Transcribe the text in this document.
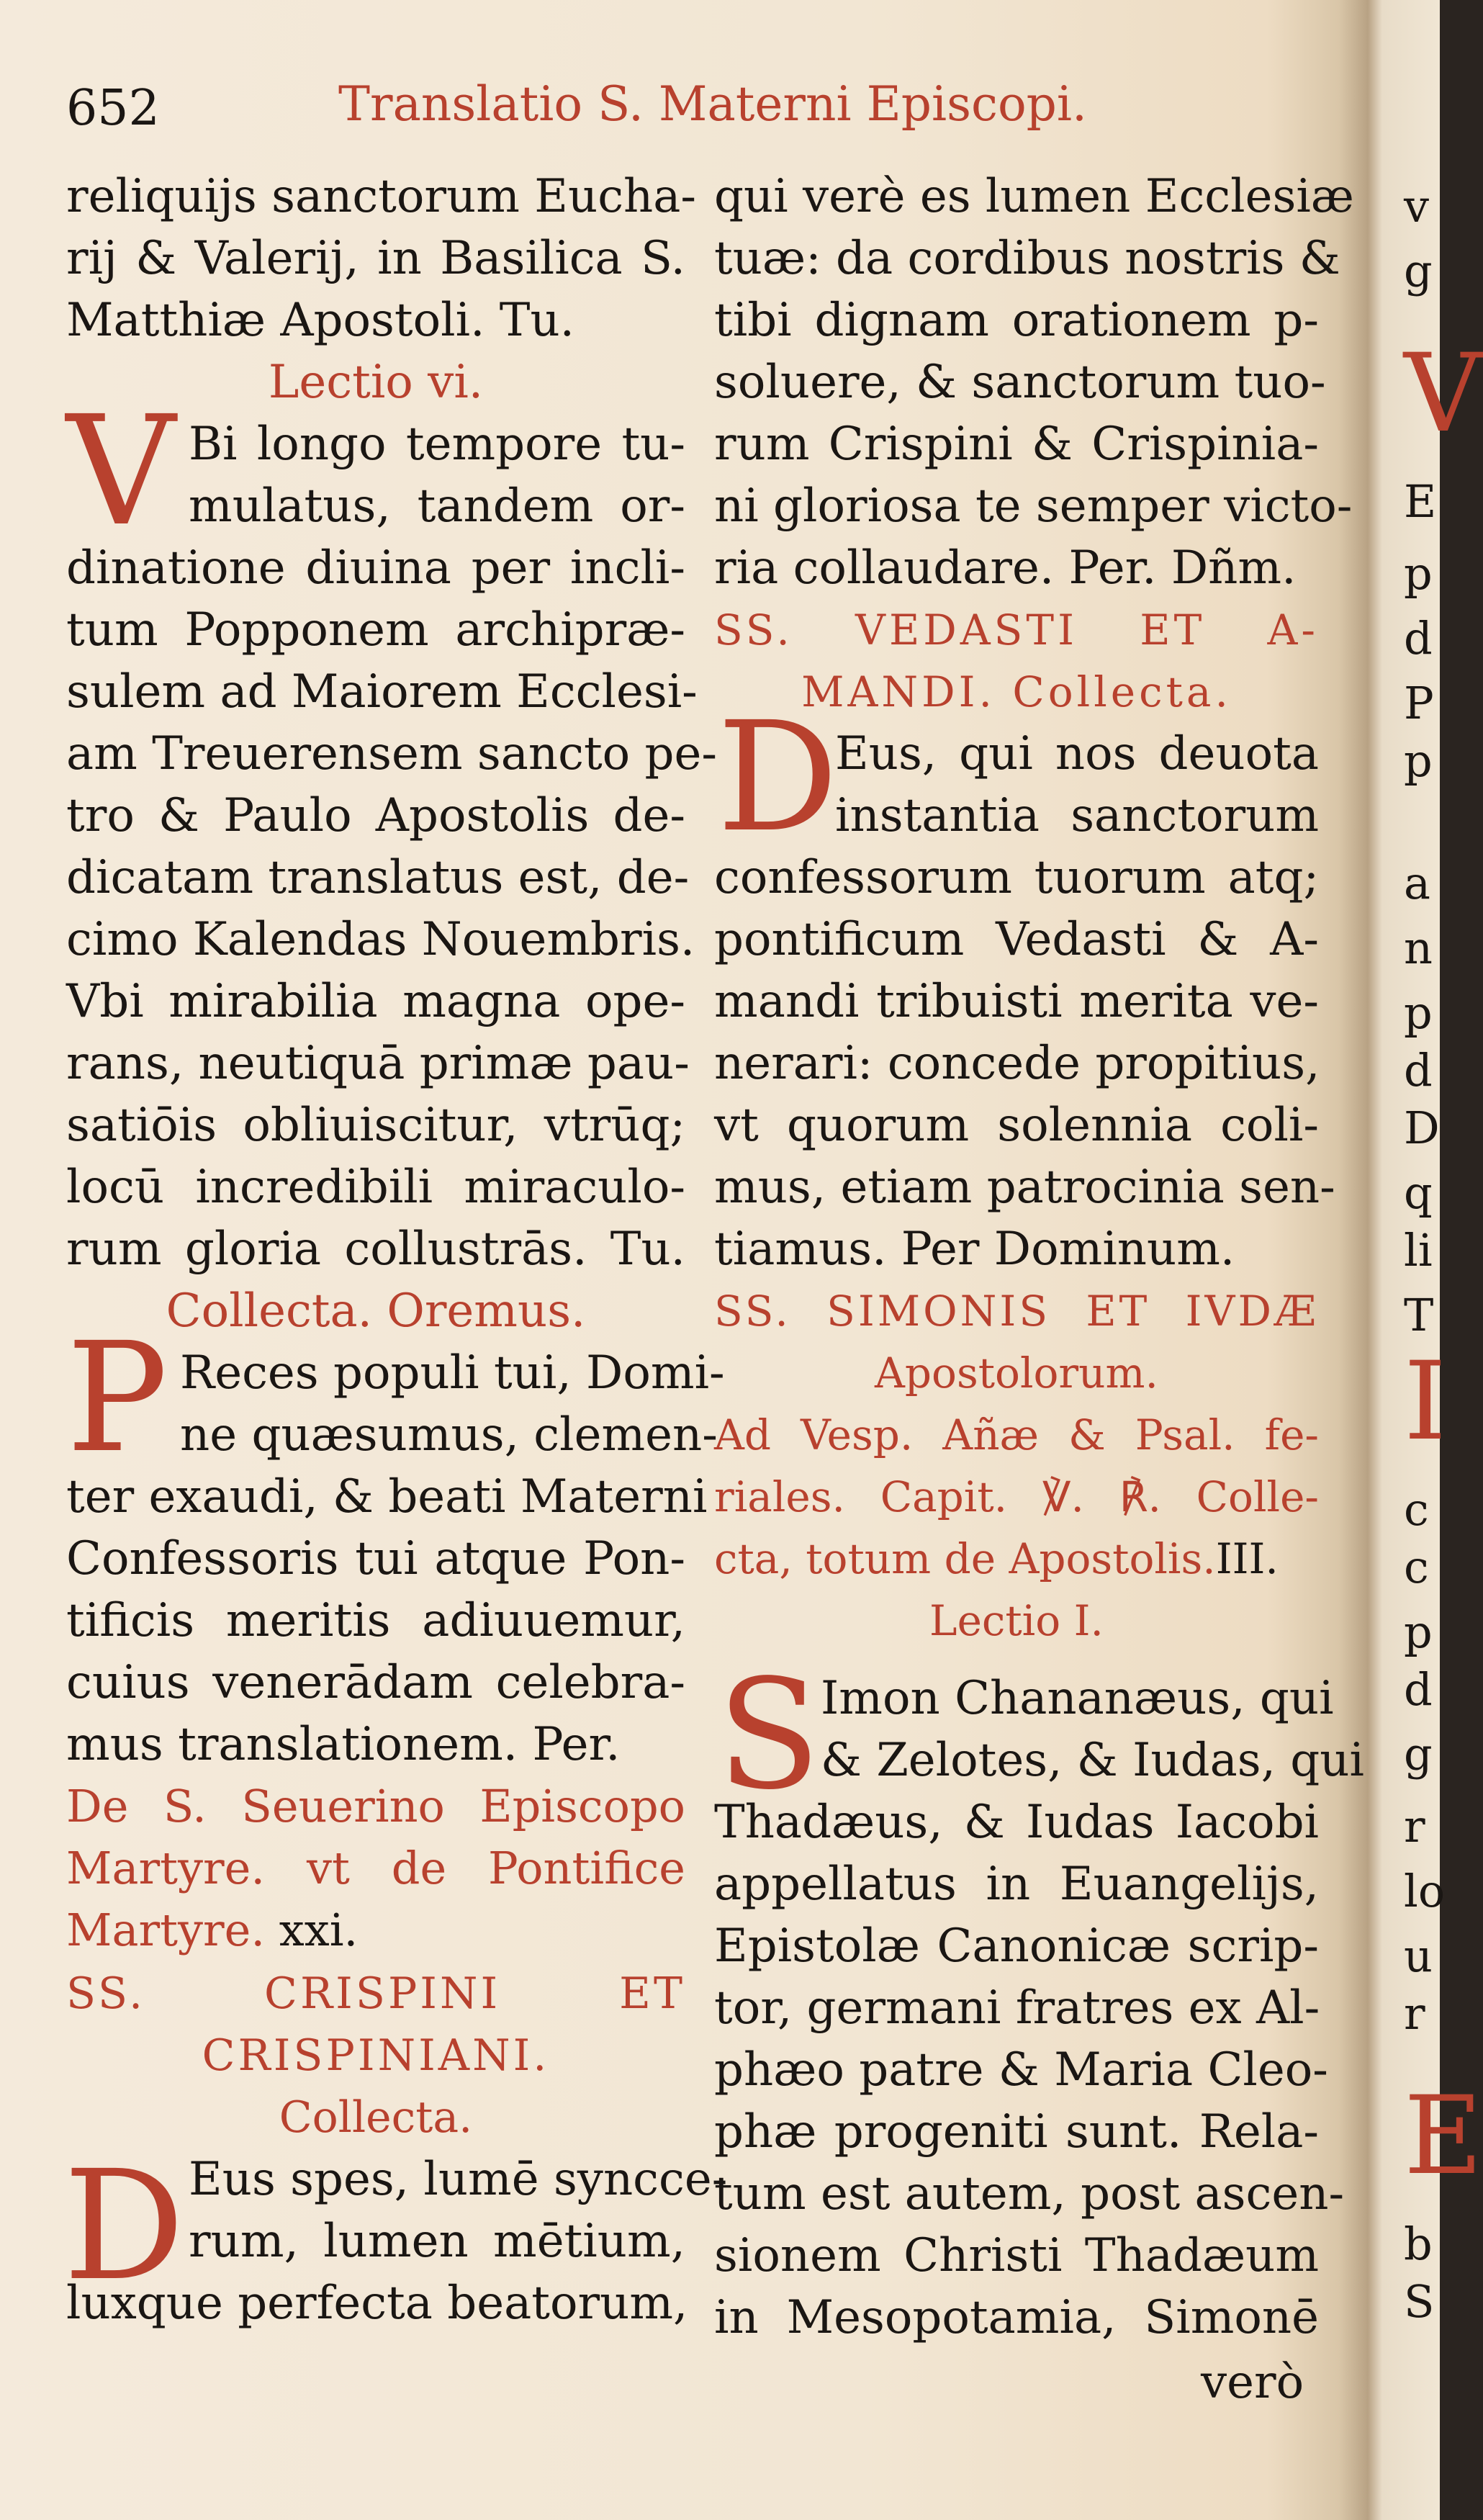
652	Translatio S. Materni Episcopi.
reliquijs sanctorum Eucha-
rij & Valerij, in Basilica S.
Matthiæ Apostoli. Tu.
Lectio vi.
V Bi longo tempore tu-
mulatus, tandem or-
dinatione diuina per incli-
tum Popponem archipræ-
sulem ad Maiorem Ecclesi-
am Treuerensem sancto pe-
tro & Paulo Apostolis de-
dicatam translatus est, de-
cimo Kalendas Nouembris.
Vbi mirabilia magna ope-
rans, neutiquā primæ pau-
satiōis obliuiscitur, vtrūq;
locū incredibili miraculo-
rum gloria collustrās. Tu.
Collecta. Oremus.
P Reces populi tui, Domi-
ne quæsumus, clemen-
ter exaudi, & beati Materni
Confessoris tui atque Pon-
tificis meritis adiuuemur,
cuius venerādam celebra-
mus translationem. Per.
De S. Seuerino Episcopo
Martyre. vt de Pontifice
Martyre. xxi.
SS. CRISPINI ET
CRISPINIANI.
Collecta.
D Eus spes, lumē syncce-
rum, lumen mētium,
luxque perfecta beatorum,
qui verè es lumen Ecclesiæ
tuæ: da cordibus nostris &
tibi dignam orationem p-
soluere, & sanctorum tuo-
rum Crispini & Crispinia-
ni gloriosa te semper victo-
ria collaudare. Per. Dñm.
SS. VEDASTI ET A-
MANDI. Collecta.
D
Eus, qui nos deuota
instantia sanctorum
confessorum tuorum atq;
pontificum Vedasti & A-
mandi tribuisti merita ve-
nerari: concede propitius,
vt quorum solennia coli-
mus, etiam patrocinia sen-
tiamus. Per Dominum.
SS. SIMONIS ET IVDÆ
Apostolorum.
Ad Vesp. Añæ & Psal. fe-
riales. Capit. ℣. ℟. Colle-
cta, totum de Apostolis.III.
Lectio I.
S Imon Chananæus, qui
& Zelotes, & Iudas, qui
Thadæus, & Iudas Iacobi
appellatus in Euangelijs,
Epistolæ Canonicæ scrip-
tor, germani fratres ex Al-
phæo patre & Maria Cleo-
phæ progeniti sunt. Rela-
tum est autem, post ascen-
sionem Christi Thadæum
in Mesopotamia, Simonē
verò
v
g
V
E
p
d
P
p
a
n
p
d
D
q
li
T
I
c
c
p
d
g
r
lo
u
r
E
b
S
